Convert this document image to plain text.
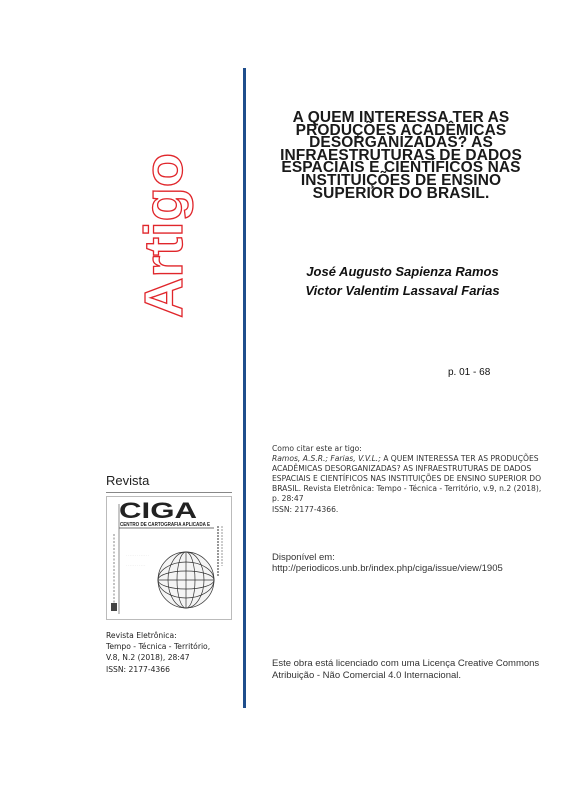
Artigo
A QUEM INTERESSA TER AS PRODUÇÕES ACADÊMICAS DESORGANIZADAS? AS INFRAESTRUTURAS DE DADOS ESPACIAIS E CIENTÍFICOS NAS INSTITUIÇÕES DE ENSINO SUPERIOR DO BRASIL.
José Augusto Sapienza Ramos
Victor Valentim Lassaval Farias
p. 01 - 68
Como citar este ar tigo:
Ramos, A.S.R.; Farias, V.V.L.; A QUEM INTERESSA TER AS PRODUÇÕES ACADÊMICAS DESORGANIZADAS? AS INFRAESTRUTURAS DE DADOS ESPACIAIS E CIENTÍFICOS NAS INSTITUIÇÕES DE ENSINO SUPERIOR DO BRASIL. Revista Eletrônica: Tempo - Técnica - Território, v.9, n.2 (2018), p. 28:47
ISSN: 2177-4366.
Disponível em:
http://periodicos.unb.br/index.php/ciga/issue/view/1905
Este obra está licenciado com uma Licença Creative Commons
Atribuição - Não Comercial 4.0 Internacional.
Revista
CIGA
CENTRO DE CARTOGRAFIA APLICADA E
· · · · · · · · · · · · ·
· · · · · · · · · · ·
Revista Eletrônica:
Tempo - Técnica - Território,
V.8, N.2 (2018), 28:47
ISSN: 2177-4366
